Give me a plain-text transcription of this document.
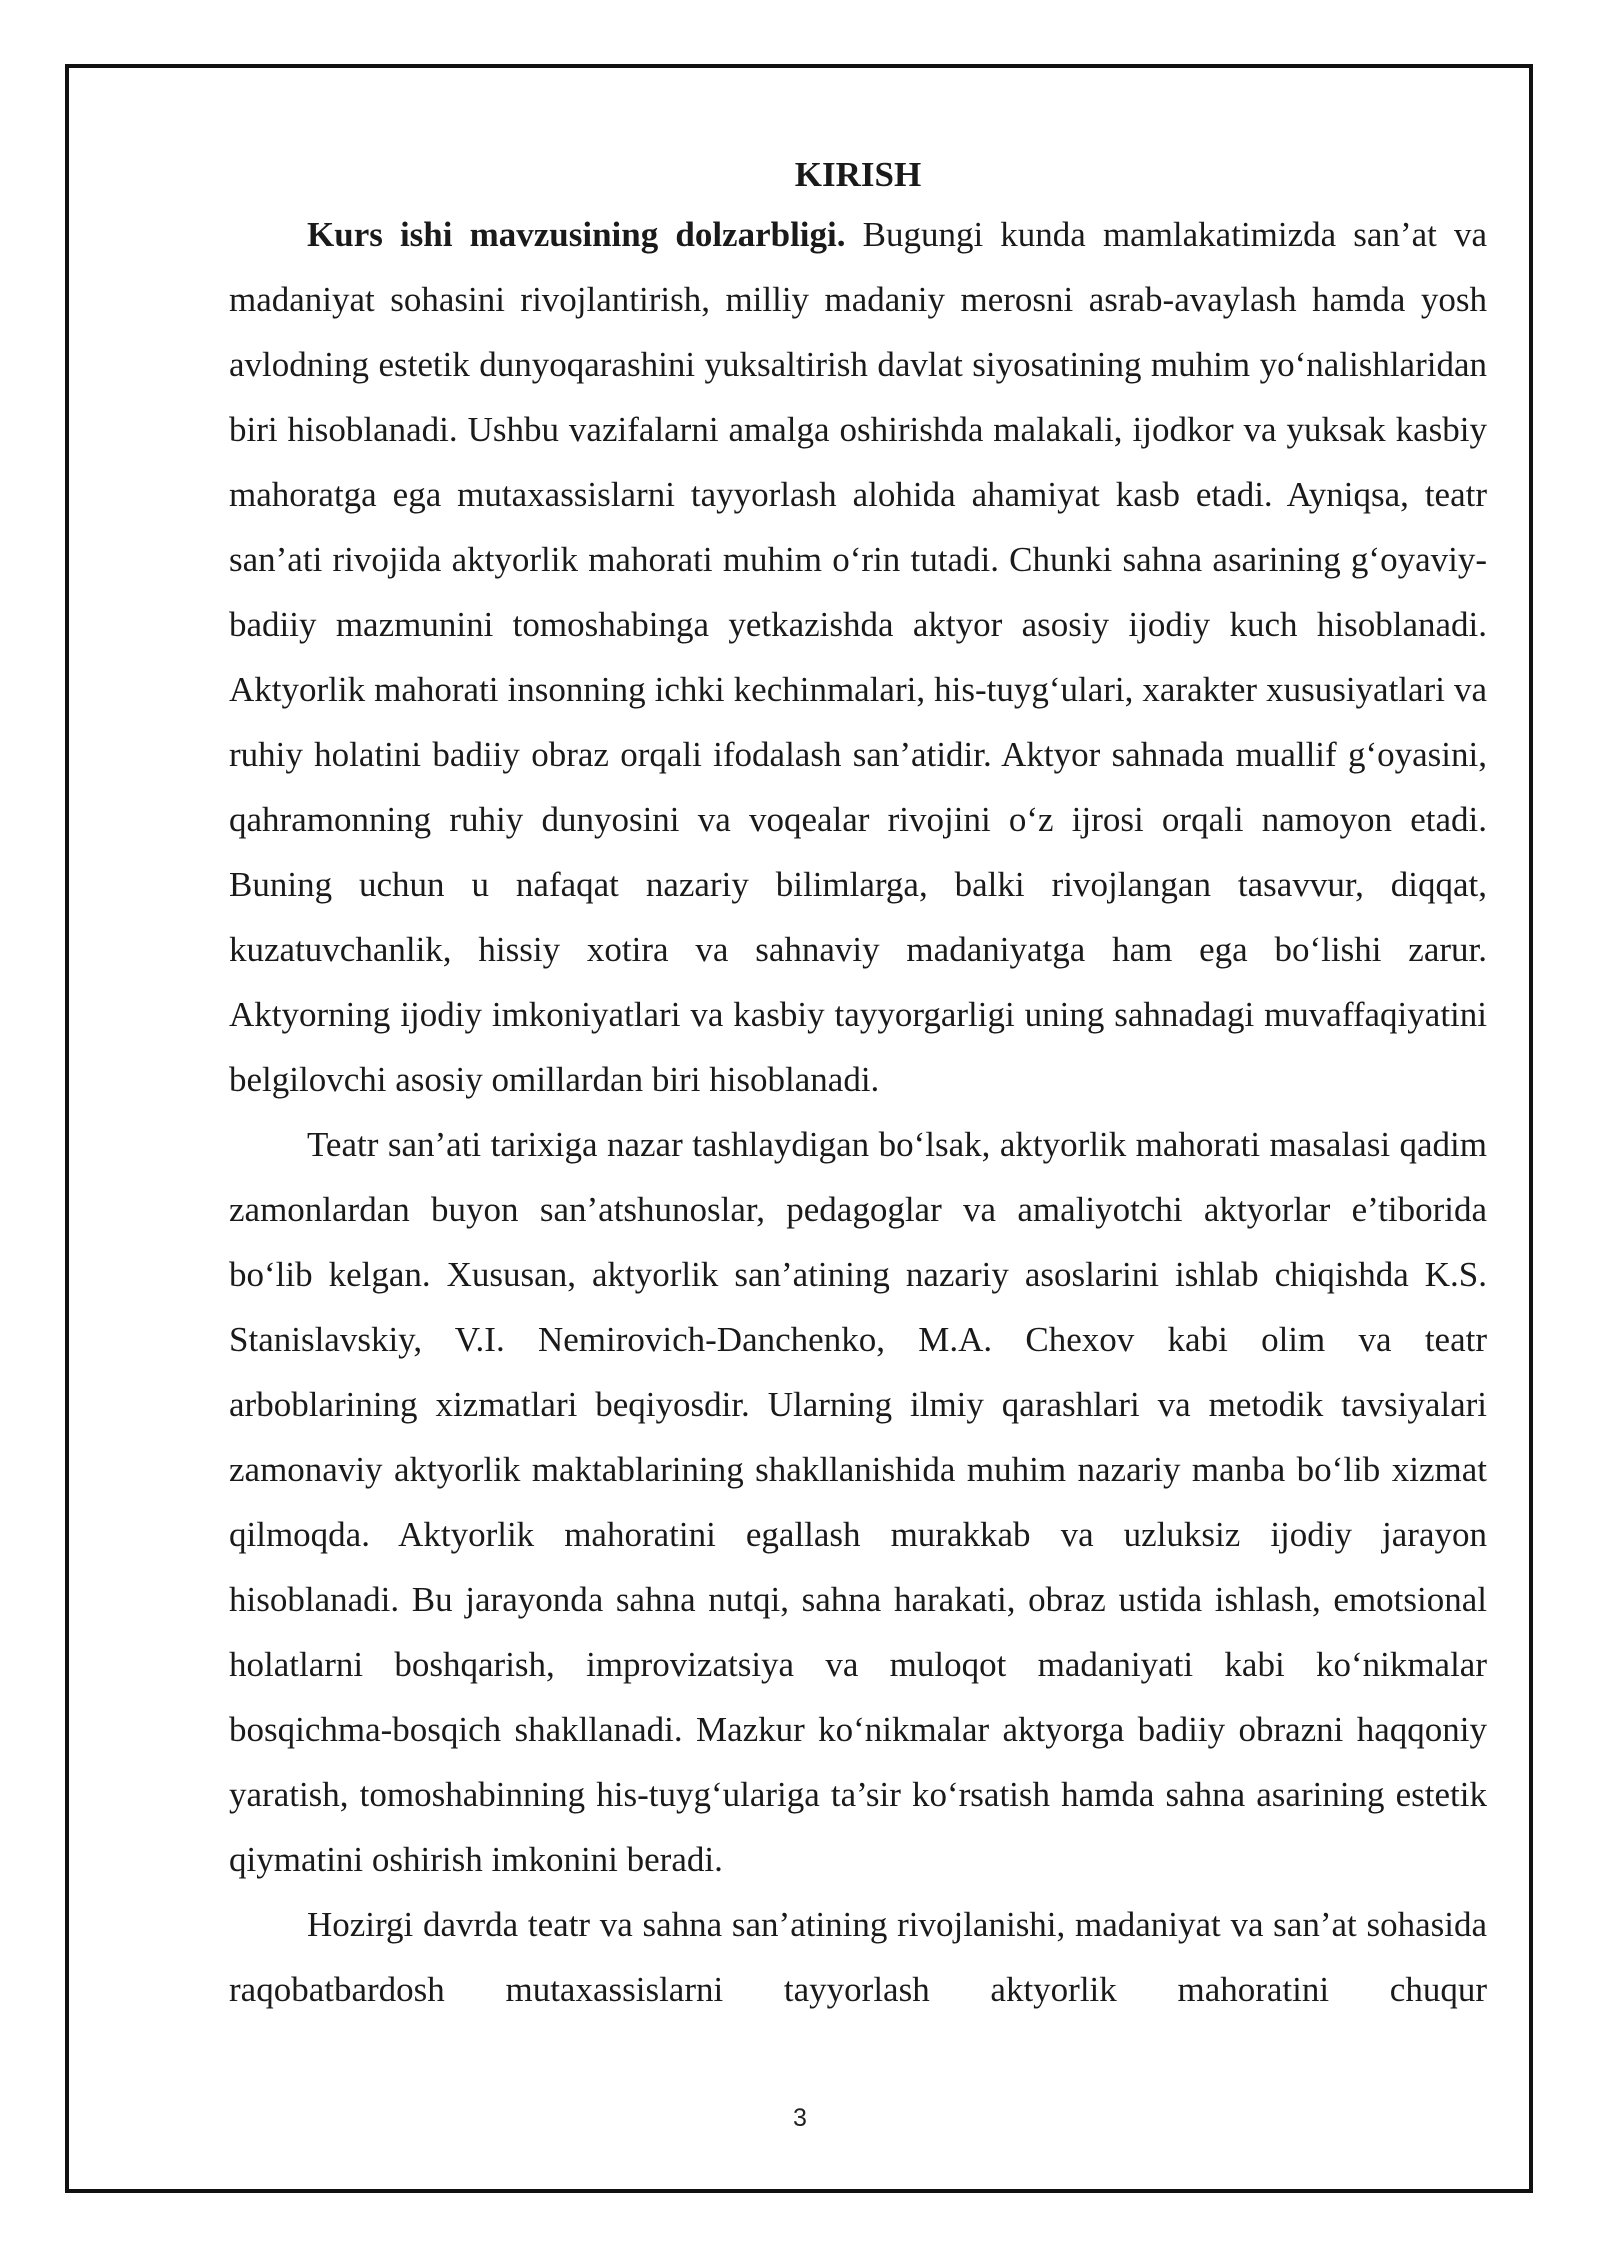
KIRISH

Kurs ishi mavzusining dolzarbligi. Bugungi kunda mamlakatimizda san’at va madaniyat sohasini rivojlantirish, milliy madaniy merosni asrab-avaylash hamda yosh avlodning estetik dunyoqarashini yuksaltirish davlat siyosatining muhim yo‘nalishlaridan biri hisoblanadi. Ushbu vazifalarni amalga oshirishda malakali, ijodkor va yuksak kasbiy mahoratga ega mutaxassislarni tayyorlash alohida ahamiyat kasb etadi. Ayniqsa, teatr san’ati rivojida aktyorlik mahorati muhim o‘rin tutadi. Chunki sahna asarining g‘oyaviy-badiiy mazmunini tomoshabinga yetkazishda aktyor asosiy ijodiy kuch hisoblanadi. Aktyorlik mahorati insonning ichki kechinmalari, his-tuyg‘ulari, xarakter xususiyatlari va ruhiy holatini badiiy obraz orqali ifodalash san’atidir. Aktyor sahnada muallif g‘oyasini, qahramonning ruhiy dunyosini va voqealar rivojini o‘z ijrosi orqali namoyon etadi. Buning uchun u nafaqat nazariy bilimlarga, balki rivojlangan tasavvur, diqqat, kuzatuvchanlik, hissiy xotira va sahnaviy madaniyatga ham ega bo‘lishi zarur. Aktyorning ijodiy imkoniyatlari va kasbiy tayyorgarligi uning sahnadagi muvaffaqiyatini belgilovchi asosiy omillardan biri hisoblanadi.

Teatr san’ati tarixiga nazar tashlaydigan bo‘lsak, aktyorlik mahorati masalasi qadim zamonlardan buyon san’atshunoslar, pedagoglar va amaliyotchi aktyorlar e’tiborida bo‘lib kelgan. Xususan, aktyorlik san’atining nazariy asoslarini ishlab chiqishda K.S. Stanislavskiy, V.I. Nemirovich-Danchenko, M.A. Chexov kabi olim va teatr arboblarining xizmatlari beqiyosdir. Ularning ilmiy qarashlari va metodik tavsiyalari zamonaviy aktyorlik maktablarining shakllanishida muhim nazariy manba bo‘lib xizmat qilmoqda. Aktyorlik mahoratini egallash murakkab va uzluksiz ijodiy jarayon hisoblanadi. Bu jarayonda sahna nutqi, sahna harakati, obraz ustida ishlash, emotsional holatlarni boshqarish, improvizatsiya va muloqot madaniyati kabi ko‘nikmalar bosqichma-bosqich shakllanadi. Mazkur ko‘nikmalar aktyorga badiiy obrazni haqqoniy yaratish, tomoshabinning his-tuyg‘ulariga ta’sir ko‘rsatish hamda sahna asarining estetik qiymatini oshirish imkonini beradi.

Hozirgi davrda teatr va sahna san’atining rivojlanishi, madaniyat va san’at sohasida raqobatbardosh mutaxassislarni tayyorlash aktyorlik mahoratini chuqur

3
